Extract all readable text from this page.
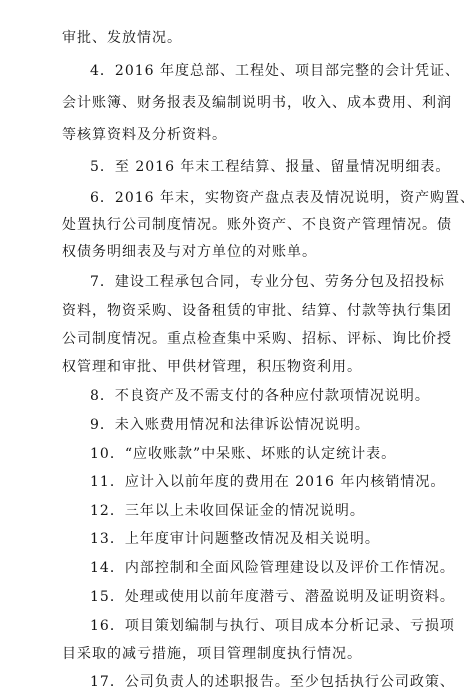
审批、发放情况。
4．2016 年度总部、工程处、项目部完整的会计凭证、
会计账簿、财务报表及编制说明书，收入、成本费用、利润
等核算资料及分析资料。
5．至 2016 年末工程结算、报量、留量情况明细表。
6．2016 年末，实物资产盘点表及情况说明，资产购置、
处置执行公司制度情况。账外资产、不良资产管理情况。债
权债务明细表及与对方单位的对账单。
7．建设工程承包合同，专业分包、劳务分包及招投标
资料，物资采购、设备租赁的审批、结算、付款等执行集团
公司制度情况。重点检查集中采购、招标、评标、询比价授
权管理和审批、甲供材管理，积压物资利用。
8．不良资产及不需支付的各种应付款项情况说明。
9．未入账费用情况和法律诉讼情况说明。
10．“应收账款”中呆账、坏账的认定统计表。
11．应计入以前年度的费用在 2016 年内核销情况。
12．三年以上未收回保证金的情况说明。
13．上年度审计问题整改情况及相关说明。
14．内部控制和全面风险管理建设以及评价工作情况。
15．处理或使用以前年度潜亏、潜盈说明及证明资料。
16．项目策划编制与执行、项目成本分析记录、亏损项
目采取的减亏措施，项目管理制度执行情况。
17．公司负责人的述职报告。至少包括执行公司政策、
